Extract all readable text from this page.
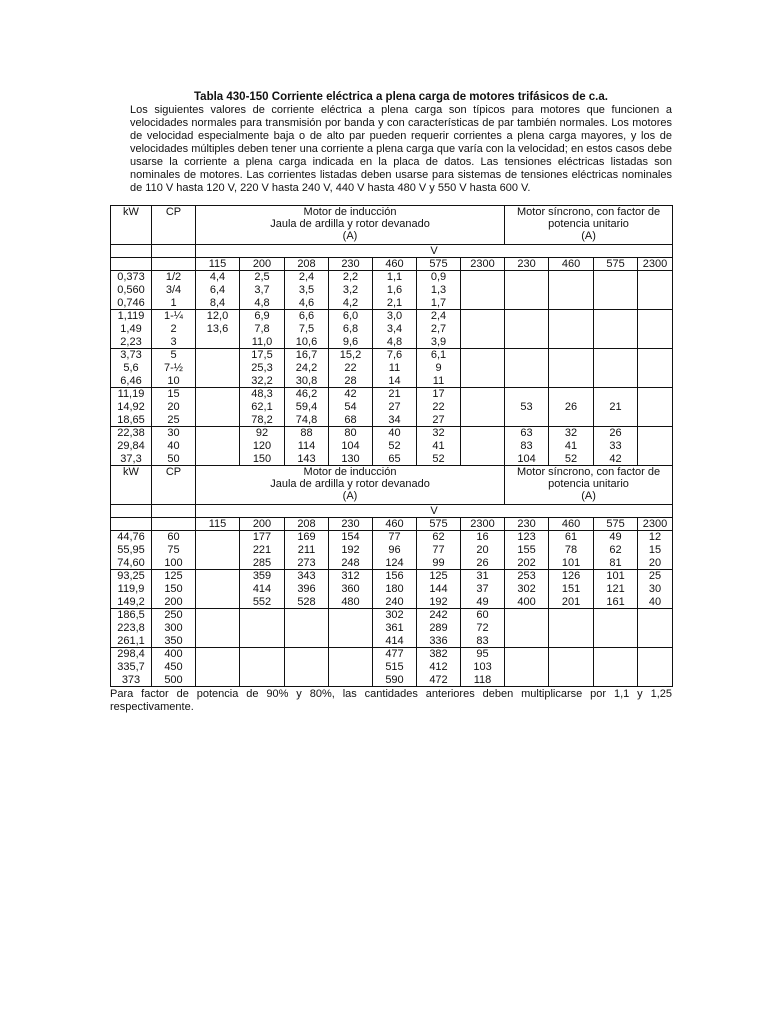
Tabla 430-150 Corriente eléctrica a plena carga de motores trifásicos de c.a.
Los siguientes valores de corriente eléctrica a plena carga son típicos para motores que funcionen a velocidades normales para transmisión por banda y con características de par también normales. Los motores de velocidad especialmente baja o de alto par pueden requerir corrientes a plena carga mayores, y los de velocidades múltiples deben tener una corriente a plena carga que varía con la velocidad; en estos casos debe usarse la corriente a plena carga indicada en la placa de datos. Las tensiones eléctricas listadas son nominales de motores. Las corrientes listadas deben usarse para sistemas de tensiones eléctricas nominales de 110 V hasta 120 V, 220 V hasta 240 V, 440 V hasta 480 V y 550 V hasta 600 V.
kW	CP	Motor de inducción
Jaula de ardilla y rotor devanado
(A)							Motor síncrono, con factor de
potencia unitario
(A)			
		V										
		115	200	208	230	460	575	2300	230	460	575	2300
0,373	1/2	4,4	2,5	2,4	2,2	1,1	0,9					
0,560	3/4	6,4	3,7	3,5	3,2	1,6	1,3					
0,746	1	8,4	4,8	4,6	4,2	2,1	1,7					
1,119	1-¼	12,0	6,9	6,6	6,0	3,0	2,4					
1,49	2	13,6	7,8	7,5	6,8	3,4	2,7					
2,23	3		11,0	10,6	9,6	4,8	3,9					
3,73	5		17,5	16,7	15,2	7,6	6,1					
5,6	7-½		25,3	24,2	22	11	9					
6,46	10		32,2	30,8	28	14	11					
11,19	15		48,3	46,2	42	21	17					
14,92	20		62,1	59,4	54	27	22		53	26	21	
18,65	25		78,2	74,8	68	34	27					
22,38	30		92	88	80	40	32		63	32	26	
29,84	40		120	114	104	52	41		83	41	33	
37,3	50		150	143	130	65	52		104	52	42	
kW	CP	Motor de inducción
Jaula de ardilla y rotor devanado
(A)							Motor síncrono, con factor de
potencia unitario
(A)			
		V										
		115	200	208	230	460	575	2300	230	460	575	2300
44,76	60		177	169	154	77	62	16	123	61	49	12
55,95	75		221	211	192	96	77	20	155	78	62	15
74,60	100		285	273	248	124	99	26	202	101	81	20
93,25	125		359	343	312	156	125	31	253	126	101	25
119,9	150		414	396	360	180	144	37	302	151	121	30
149,2	200		552	528	480	240	192	49	400	201	161	40
186,5	250					302	242	60				
223,8	300					361	289	72				
261,1	350					414	336	83				
298,4	400					477	382	95				
335,7	450					515	412	103				
373	500					590	472	118				
Para factor de potencia de 90% y 80%, las cantidades anteriores deben multiplicarse por 1,1 y 1,25 respectivamente.
